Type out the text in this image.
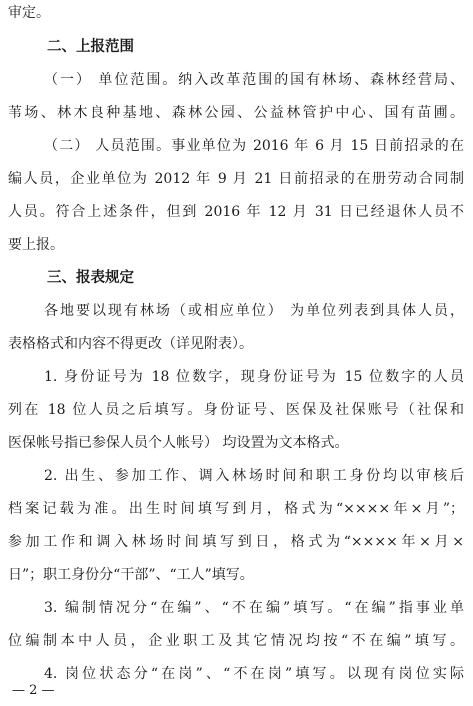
审定。
二、上报范围
（一） 单位范围。纳入改革范围的国有林场、森林经营局、
苇场、林木良种基地、森林公园、公益林管护中心、国有苗圃。
（二） 人员范围。事业单位为 2016 年 6 月 15 日前招录的在
编人员，企业单位为 2012 年 9 月 21 日前招录的在册劳动合同制
人员。符合上述条件，但到 2016 年 12 月 31 日已经退休人员不
要上报。
三、报表规定
各地要以现有林场（或相应单位） 为单位列表到具体人员，
表格格式和内容不得更改（详见附表）。
1. 身份证号为 18 位数字，现身份证号为 15 位数字的人员
列在 18 位人员之后填写。身份证号、医保及社保账号（社保和
医保帐号指已参保人员个人帐号） 均设置为文本格式。
2. 出生、参加工作、调入林场时间和职工身份均以审核后
档案记载为准。出生时间填写到月，格式为“××××年×月”；
参加工作和调入林场时间填写到日，格式为“××××年×月×
日”；职工身份分“干部”、“工人”填写。
3. 编制情况分“在编”、“不在编”填写。“在编”指事业单
位编制本中人员，企业职工及其它情况均按“不在编”填写。
4. 岗位状态分“在岗”、“不在岗”填写。以现有岗位实际
— 2 —
